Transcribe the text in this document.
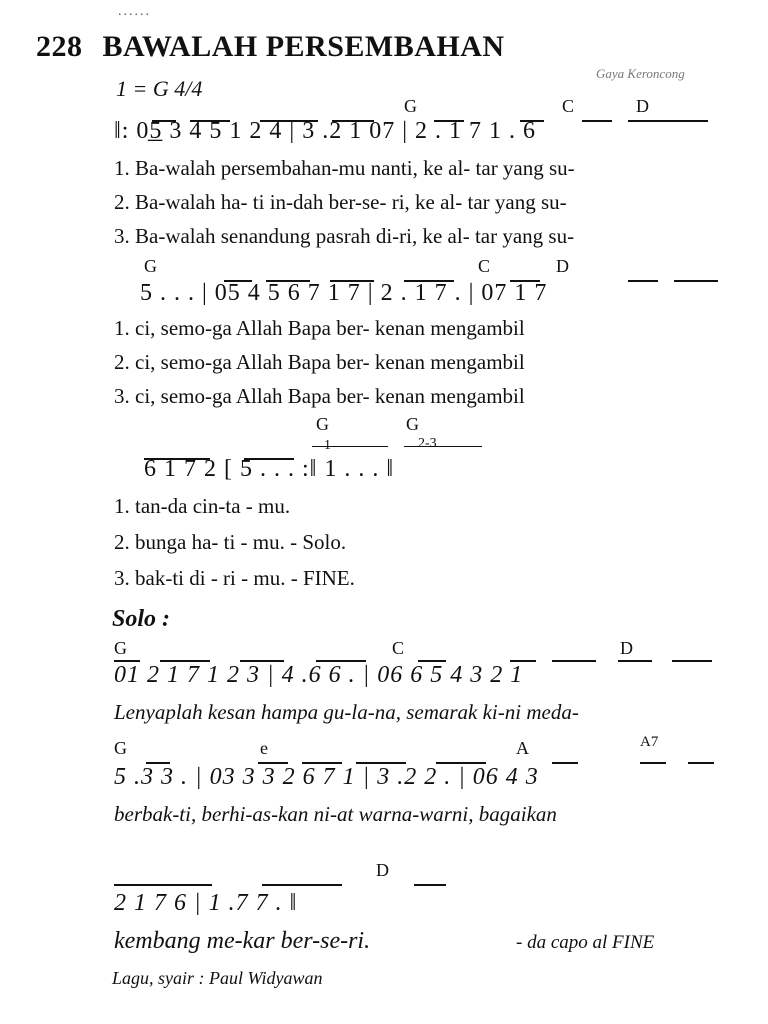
......
228 BAWALAH PERSEMBAHAN
1 = G 4/4
Gaya Keroncong
G	C	D
‖: 0͟5 3 4 5 1 2 4 | 3 .2 1 07 | 2 . 1 7 1 . 6
1. Ba-walah persembahan-mu nanti, ke al- tar yang su-
2. Ba-walah ha- ti in-dah ber-se- ri, ke al- tar yang su-
3. Ba-walah senandung pasrah di-ri, ke al- tar yang su-
G	C	D
5 . . . | 05 4 5 6 7 1 7 | 2 . 1 7 . | 07 1 7
1. ci, semo-ga Allah Bapa ber- kenan mengambil
2. ci, semo-ga Allah Bapa ber- kenan mengambil
3. ci, semo-ga Allah Bapa ber- kenan mengambil
G	G
1	2-3
6 1 7 2 [ 5 . . . :‖ 1 . . . ‖
1. tan-da cin-ta - mu.
2. bunga ha- ti - mu. - Solo.
3. bak-ti di - ri - mu. - FINE.
Solo :
G	C	D
01 2 1 7 1 2 3 | 4 .6 6 . | 06 6 5 4 3 2 1
Lenyaplah kesan hampa gu-la-na, semarak ki-ni meda-
G	e	A	A7
5 .3 3 . | 03 3 3 2 6 7 1 | 3 .2 2 . | 06 4 3
berbak-ti, berhi-as-kan ni-at warna-warni, bagaikan
D
2 1 7 6 | 1 .7 7 . ‖
kembang me-kar ber-se-ri.	- da capo al FINE
Lagu, syair : Paul Widyawan
